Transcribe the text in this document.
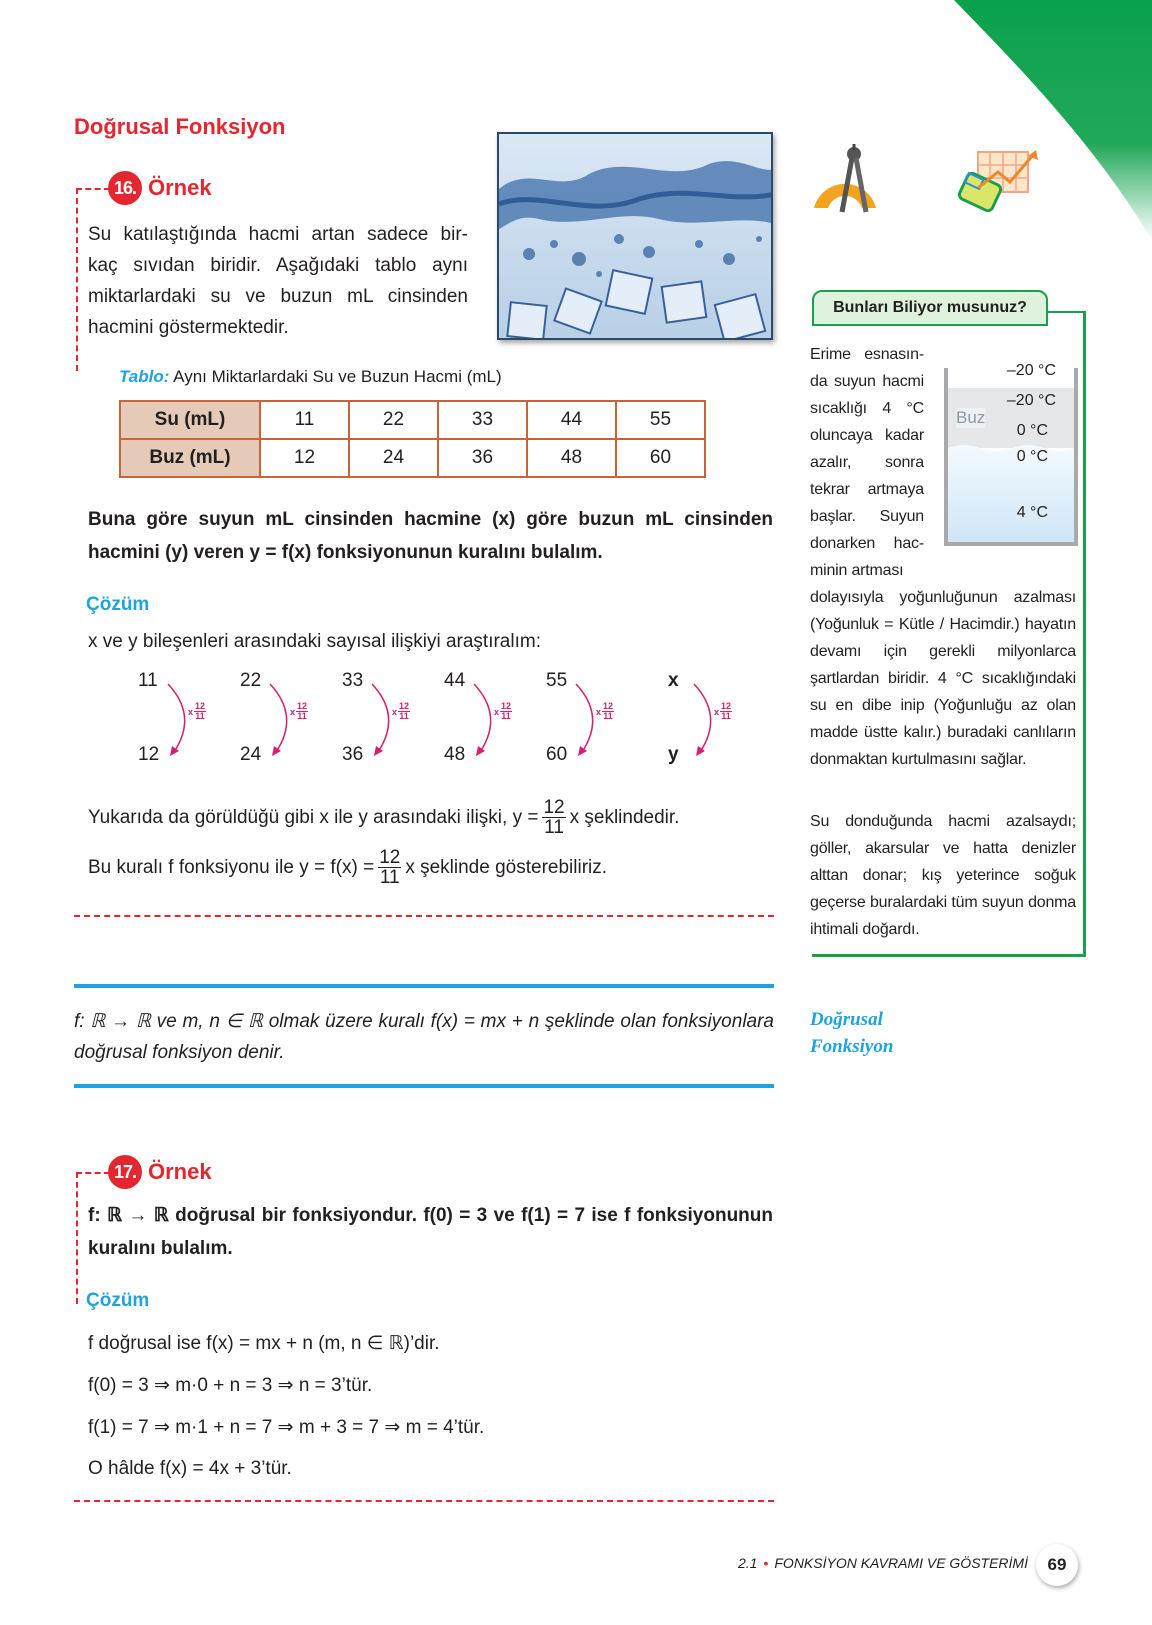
Doğrusal Fonksiyon
16. Örnek
Su katılaştığında hacmi artan sadece bir-
kaç sıvıdan biridir. Aşağıdaki tablo aynı
miktarlardaki su ve buzun mL cinsinden
hacmini göstermektedir.
Tablo: Aynı Miktarlardaki Su ve Buzun Hacmi (mL)
Su (mL)	11	22	33	44	55
Buz (mL)	12	24	36	48	60
Buna göre suyun mL cinsinden hacmine (x) göre buzun mL cinsinden hacmini (y) veren y = f(x) fonksiyonunun kuralını bulalım.
Çözüm
x ve y bileşenleri arasındaki sayısal ilişkiyi araştıralım:
11
12
x $\frac{12}{11}$
22
24
x $\frac{12}{11}$
33
36
x $\frac{12}{11}$
44
48
x $\frac{12}{11}$
55
60
x $\frac{12}{11}$
x
y
x $\frac{12}{11}$
Yukarıda da görüldüğü gibi x ile y arasındaki ilişki, $y = \frac{12}{11}$ x şeklindedir.
Bu kuralı f fonksiyonu ile $y = f(x) = \frac{12}{11}$ x şeklinde gösterebiliriz.
f: ℝ → ℝ ve m, n ∈ ℝ olmak üzere kuralı f(x) = mx + n şeklinde olan fonksiyonlara doğrusal fonksiyon denir.
Doğrusal
Fonksiyon
17. Örnek
f: ℝ → ℝ doğrusal bir fonksiyondur. f(0) = 3 ve f(1) = 7 ise f fonksiyonunun kuralını bulalım.
Çözüm
f doğrusal ise f(x) = mx + n (m, n ∈ ℝ)’dir.
f(0) = 3 ⇒ m·0 + n = 3 ⇒ n = 3’tür.
f(1) = 7 ⇒ m·1 + n = 7 ⇒ m + 3 = 7 ⇒ m = 4’tür.
O hâlde f(x) = 4x + 3’tür.
Bunları Biliyor musunuz?
Erime esnasın-
da suyun hacmi
sıcaklığı 4 °C
oluncaya kadar
azalır, sonra
tekrar artmaya
başlar. Suyun
donarken hac-
minin artması
dolayısıyla yoğunluğunun azalması (Yoğunluk = Kütle / Hacimdir.) hayatın devamı için gerekli milyonlarca şartlardan biridir. 4 °C sıcaklığındaki su en dibe inip (Yoğunluğu az olan madde üstte kalır.) buradaki canlıların donmaktan kurtulmasını sağlar.
Su donduğunda hacmi azalsaydı; göller, akarsular ve hatta denizler alttan donar; kış yeterince soğuk geçerse buralardaki tüm suyun donma ihtimali doğardı.
Buz
–20 °C
–20 °C
0 °C
0 °C
4 °C
2.1 • FONKSİYON KAVRAMI VE GÖSTERİMİ	69
